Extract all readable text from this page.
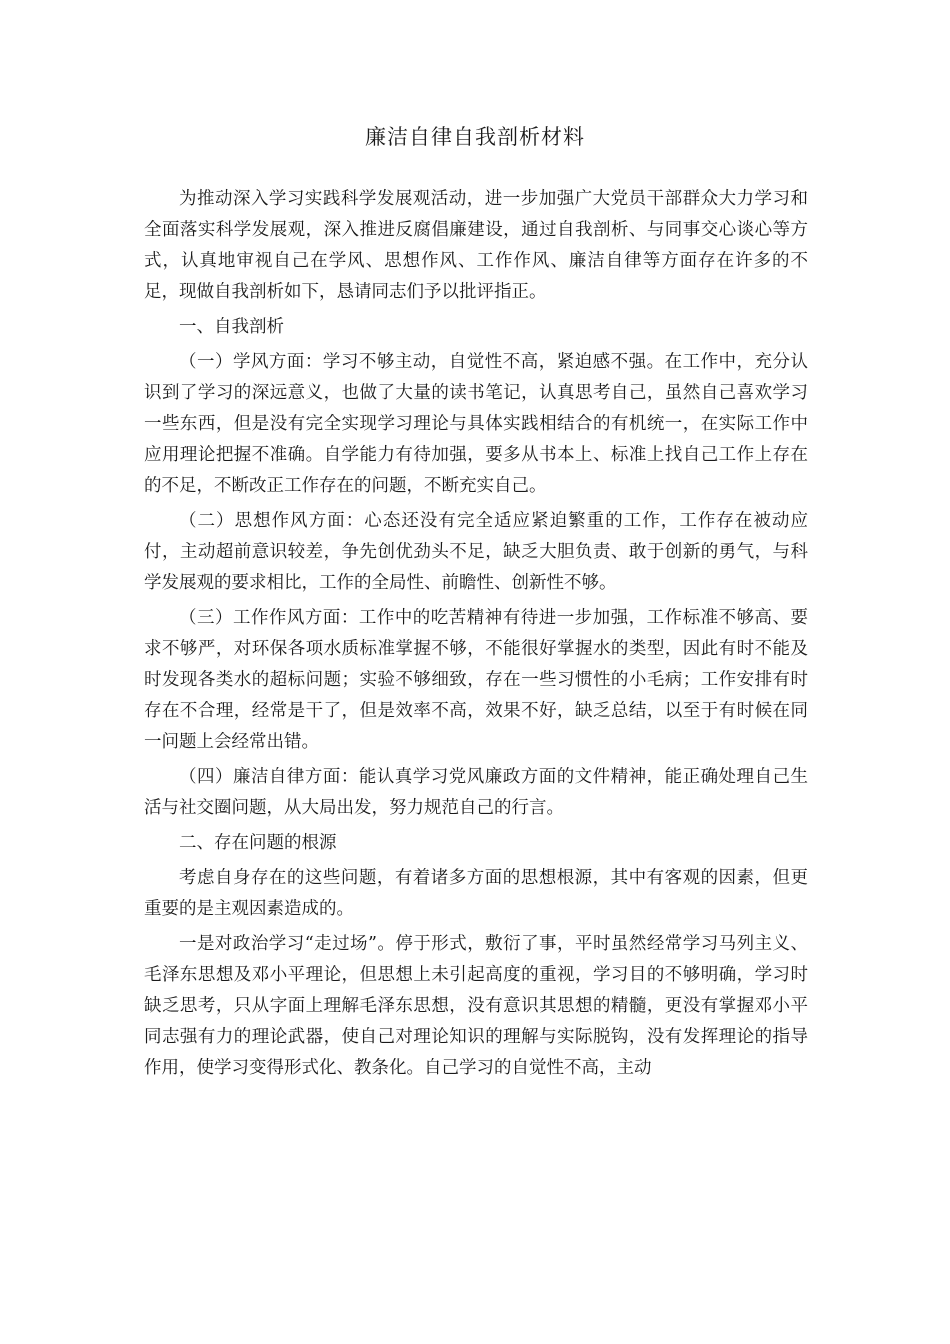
廉洁自律自我剖析材料

为推动深入学习实践科学发展观活动，进一步加强广大党员干部群众大力学习和全面落实科学发展观，深入推进反腐倡廉建设，通过自我剖析、与同事交心谈心等方式，认真地审视自己在学风、思想作风、工作作风、廉洁自律等方面存在许多的不足，现做自我剖析如下，恳请同志们予以批评指正。

一、自我剖析

（一）学风方面：学习不够主动，自觉性不高，紧迫感不强。在工作中，充分认识到了学习的深远意义，也做了大量的读书笔记，认真思考自己，虽然自己喜欢学习一些东西，但是没有完全实现学习理论与具体实践相结合的有机统一，在实际工作中应用理论把握不准确。自学能力有待加强，要多从书本上、标准上找自己工作上存在的不足，不断改正工作存在的问题，不断充实自己。

（二）思想作风方面：心态还没有完全适应紧迫繁重的工作，工作存在被动应付，主动超前意识较差，争先创优劲头不足，缺乏大胆负责、敢于创新的勇气，与科学发展观的要求相比，工作的全局性、前瞻性、创新性不够。

（三）工作作风方面：工作中的吃苦精神有待进一步加强，工作标准不够高、要求不够严，对环保各项水质标准掌握不够，不能很好掌握水的类型，因此有时不能及时发现各类水的超标问题；实验不够细致，存在一些习惯性的小毛病；工作安排有时存在不合理，经常是干了，但是效率不高，效果不好，缺乏总结，以至于有时候在同一问题上会经常出错。

（四）廉洁自律方面：能认真学习党风廉政方面的文件精神，能正确处理自己生活与社交圈问题，从大局出发，努力规范自己的行言。

二、存在问题的根源

考虑自身存在的这些问题，有着诸多方面的思想根源，其中有客观的因素，但更重要的是主观因素造成的。

一是对政治学习“走过场”。停于形式，敷衍了事，平时虽然经常学习马列主义、毛泽东思想及邓小平理论，但思想上未引起高度的重视，学习目的不够明确，学习时缺乏思考，只从字面上理解毛泽东思想，没有意识其思想的精髓，更没有掌握邓小平同志强有力的理论武器，使自己对理论知识的理解与实际脱钩，没有发挥理论的指导作用，使学习变得形式化、教条化。自己学习的自觉性不高，主动
